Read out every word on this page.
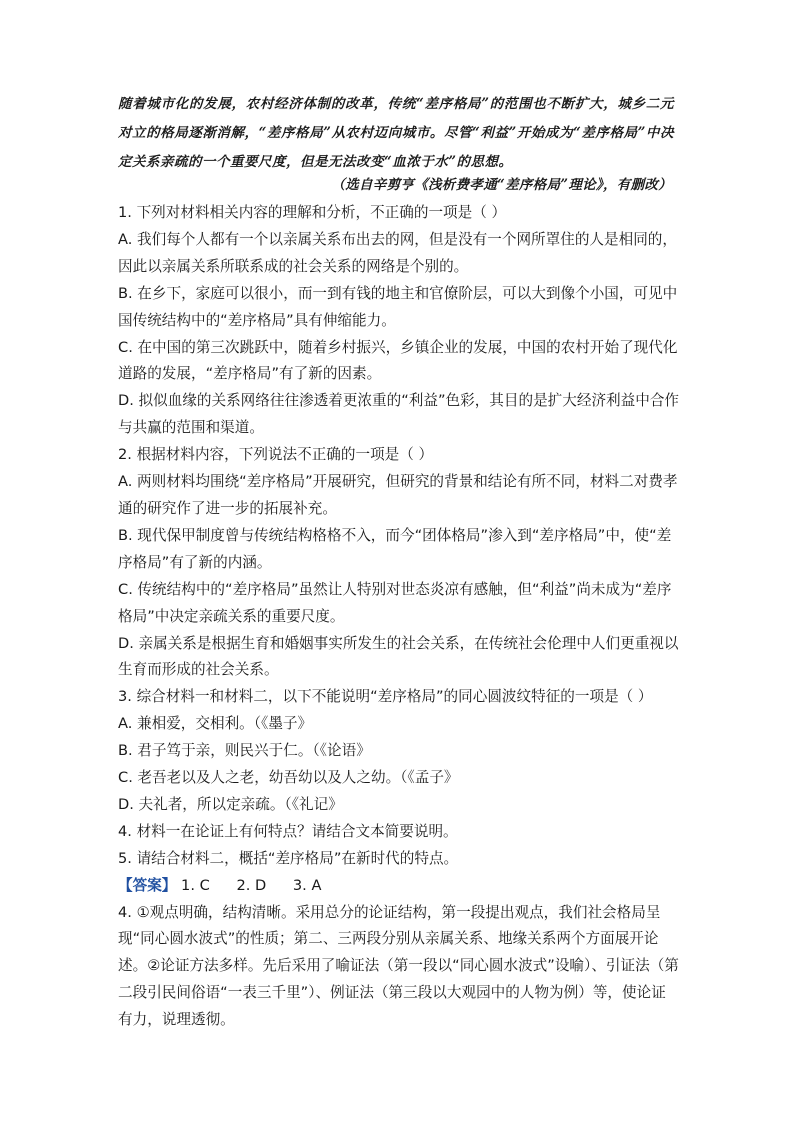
随着城市化的发展，农村经济体制的改革，传统“差序格局”的范围也不断扩大，城乡二元对立的格局逐渐消解，“差序格局”从农村迈向城市。尽管“利益”开始成为“差序格局”中决定关系亲疏的一个重要尺度，但是无法改变“血浓于水”的思想。

（选自辛剪亨《浅析费孝通“差序格局”理论》，有删改）

1. 下列对材料相关内容的理解和分析，不正确的一项是（ ）

A. 我们每个人都有一个以亲属关系布出去的网，但是没有一个网所罩住的人是相同的，因此以亲属关系所联系成的社会关系的网络是个别的。

B. 在乡下，家庭可以很小，而一到有钱的地主和官僚阶层，可以大到像个小国，可见中国传统结构中的“差序格局”具有伸缩能力。

C. 在中国的第三次跳跃中，随着乡村振兴，乡镇企业的发展，中国的农村开始了现代化道路的发展，“差序格局”有了新的因素。

D. 拟似血缘的关系网络往往渗透着更浓重的“利益”色彩，其目的是扩大经济利益中合作与共赢的范围和渠道。

2. 根据材料内容，下列说法不正确的一项是（ ）

A. 两则材料均围绕“差序格局”开展研究，但研究的背景和结论有所不同，材料二对费孝通的研究作了进一步的拓展补充。

B. 现代保甲制度曾与传统结构格格不入，而今“团体格局”渗入到“差序格局”中，使“差序格局”有了新的内涵。

C. 传统结构中的“差序格局”虽然让人特别对世态炎凉有感触，但“利益”尚未成为“差序格局”中决定亲疏关系的重要尺度。

D. 亲属关系是根据生育和婚姻事实所发生的社会关系，在传统社会伦理中人们更重视以生育而形成的社会关系。

3. 综合材料一和材料二，以下不能说明“差序格局”的同心圆波纹特征的一项是（ ）

A. 兼相爱，交相利。（《墨子》

B. 君子笃于亲，则民兴于仁。（《论语》

C. 老吾老以及人之老，幼吾幼以及人之幼。（《孟子》

D. 夫礼者，所以定亲疏。（《礼记》

4. 材料一在论证上有何特点？请结合文本简要说明。

5. 请结合材料二，概括“差序格局”在新时代的特点。

【答案】 1. C 2. D 3. A

4. ①观点明确，结构清晰。采用总分的论证结构，第一段提出观点，我们社会格局呈现“同心圆水波式”的性质；第二、三两段分别从亲属关系、地缘关系两个方面展开论述。②论证方法多样。先后采用了喻证法（第一段以“同心圆水波式”设喻）、引证法（第二段引民间俗语“一表三千里”）、例证法（第三段以大观园中的人物为例）等，使论证有力，说理透彻。
